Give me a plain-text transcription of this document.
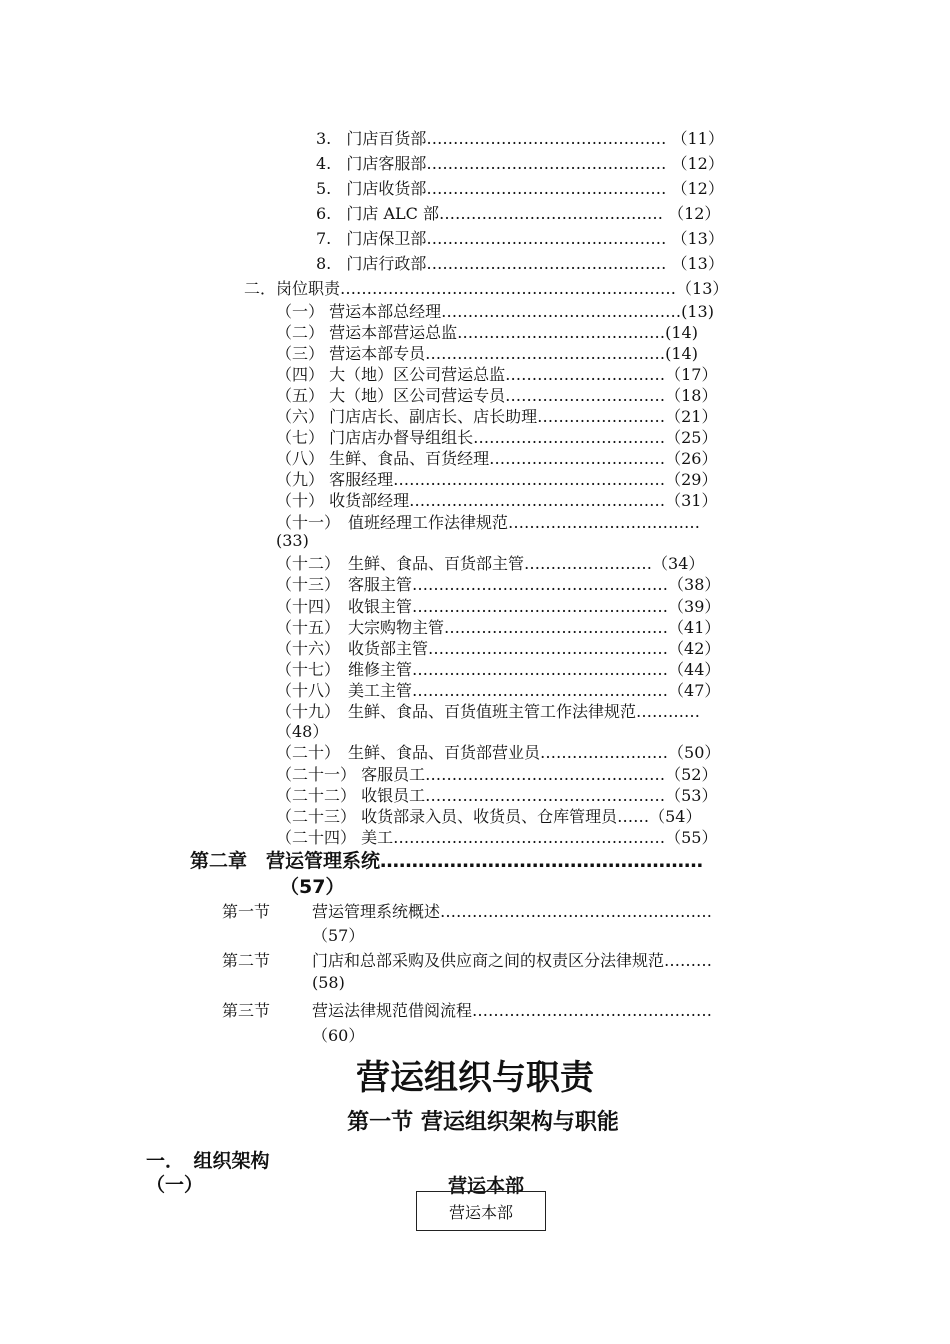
3. 门店百货部……………………………………… （11）
4. 门店客服部……………………………………… （12）
5. 门店收货部……………………………………… （12）
6. 门店 ALC 部…………………………………… （12）
7. 门店保卫部……………………………………… （13）
8. 门店行政部……………………………………… （13）
二．岗位职责………………………………………………………（13）
（一） 营运本部总经理………………………………………(13)
（二） 营运本部营运总监…………………………………(14)
（三） 营运本部专员………………………………………(14)
（四） 大（地）区公司营运总监…………………………（17）
（五） 大（地）区公司营运专员…………………………（18）
（六） 门店店长、副店长、店长助理……………………（21）
（七） 门店店办督导组组长………………………………（25）
（八） 生鲜、食品、百货经理……………………………（26）
（九） 客服经理……………………………………………（29）
（十） 收货部经理…………………………………………（31）
（十一）　值班经理工作法律规范………………………………
(33)
（十二）　生鲜、食品、百货部主管……………………（34）
（十三）　客服主管…………………………………………（38）
（十四）　收银主管…………………………………………（39）
（十五）　大宗购物主管……………………………………（41）
（十六）　收货部主管………………………………………（42）
（十七）　维修主管…………………………………………（44）
（十八）　美工主管…………………………………………（47）
（十九）　生鲜、食品、百货值班主管工作法律规范…………
（48）
（二十）　生鲜、食品、百货部营业员……………………（50）
（二十一） 客服员工………………………………………（52）
（二十二） 收银员工………………………………………（53）
（二十三） 收货部录入员、收货员、仓库管理员……（54）
（二十四） 美工……………………………………………（55）
第二章　营运管理系统……………………………………………
（57）
第一节	营运管理系统概述……………………………………………
（57）
第二节	门店和总部采购及供应商之间的权责区分法律规范………
(58)
第三节	营运法律规范借阅流程………………………………………
（60）
营运组织与职责
第一节 营运组织架构与职能
一．　组织架构
（一）	营运本部
营运本部
